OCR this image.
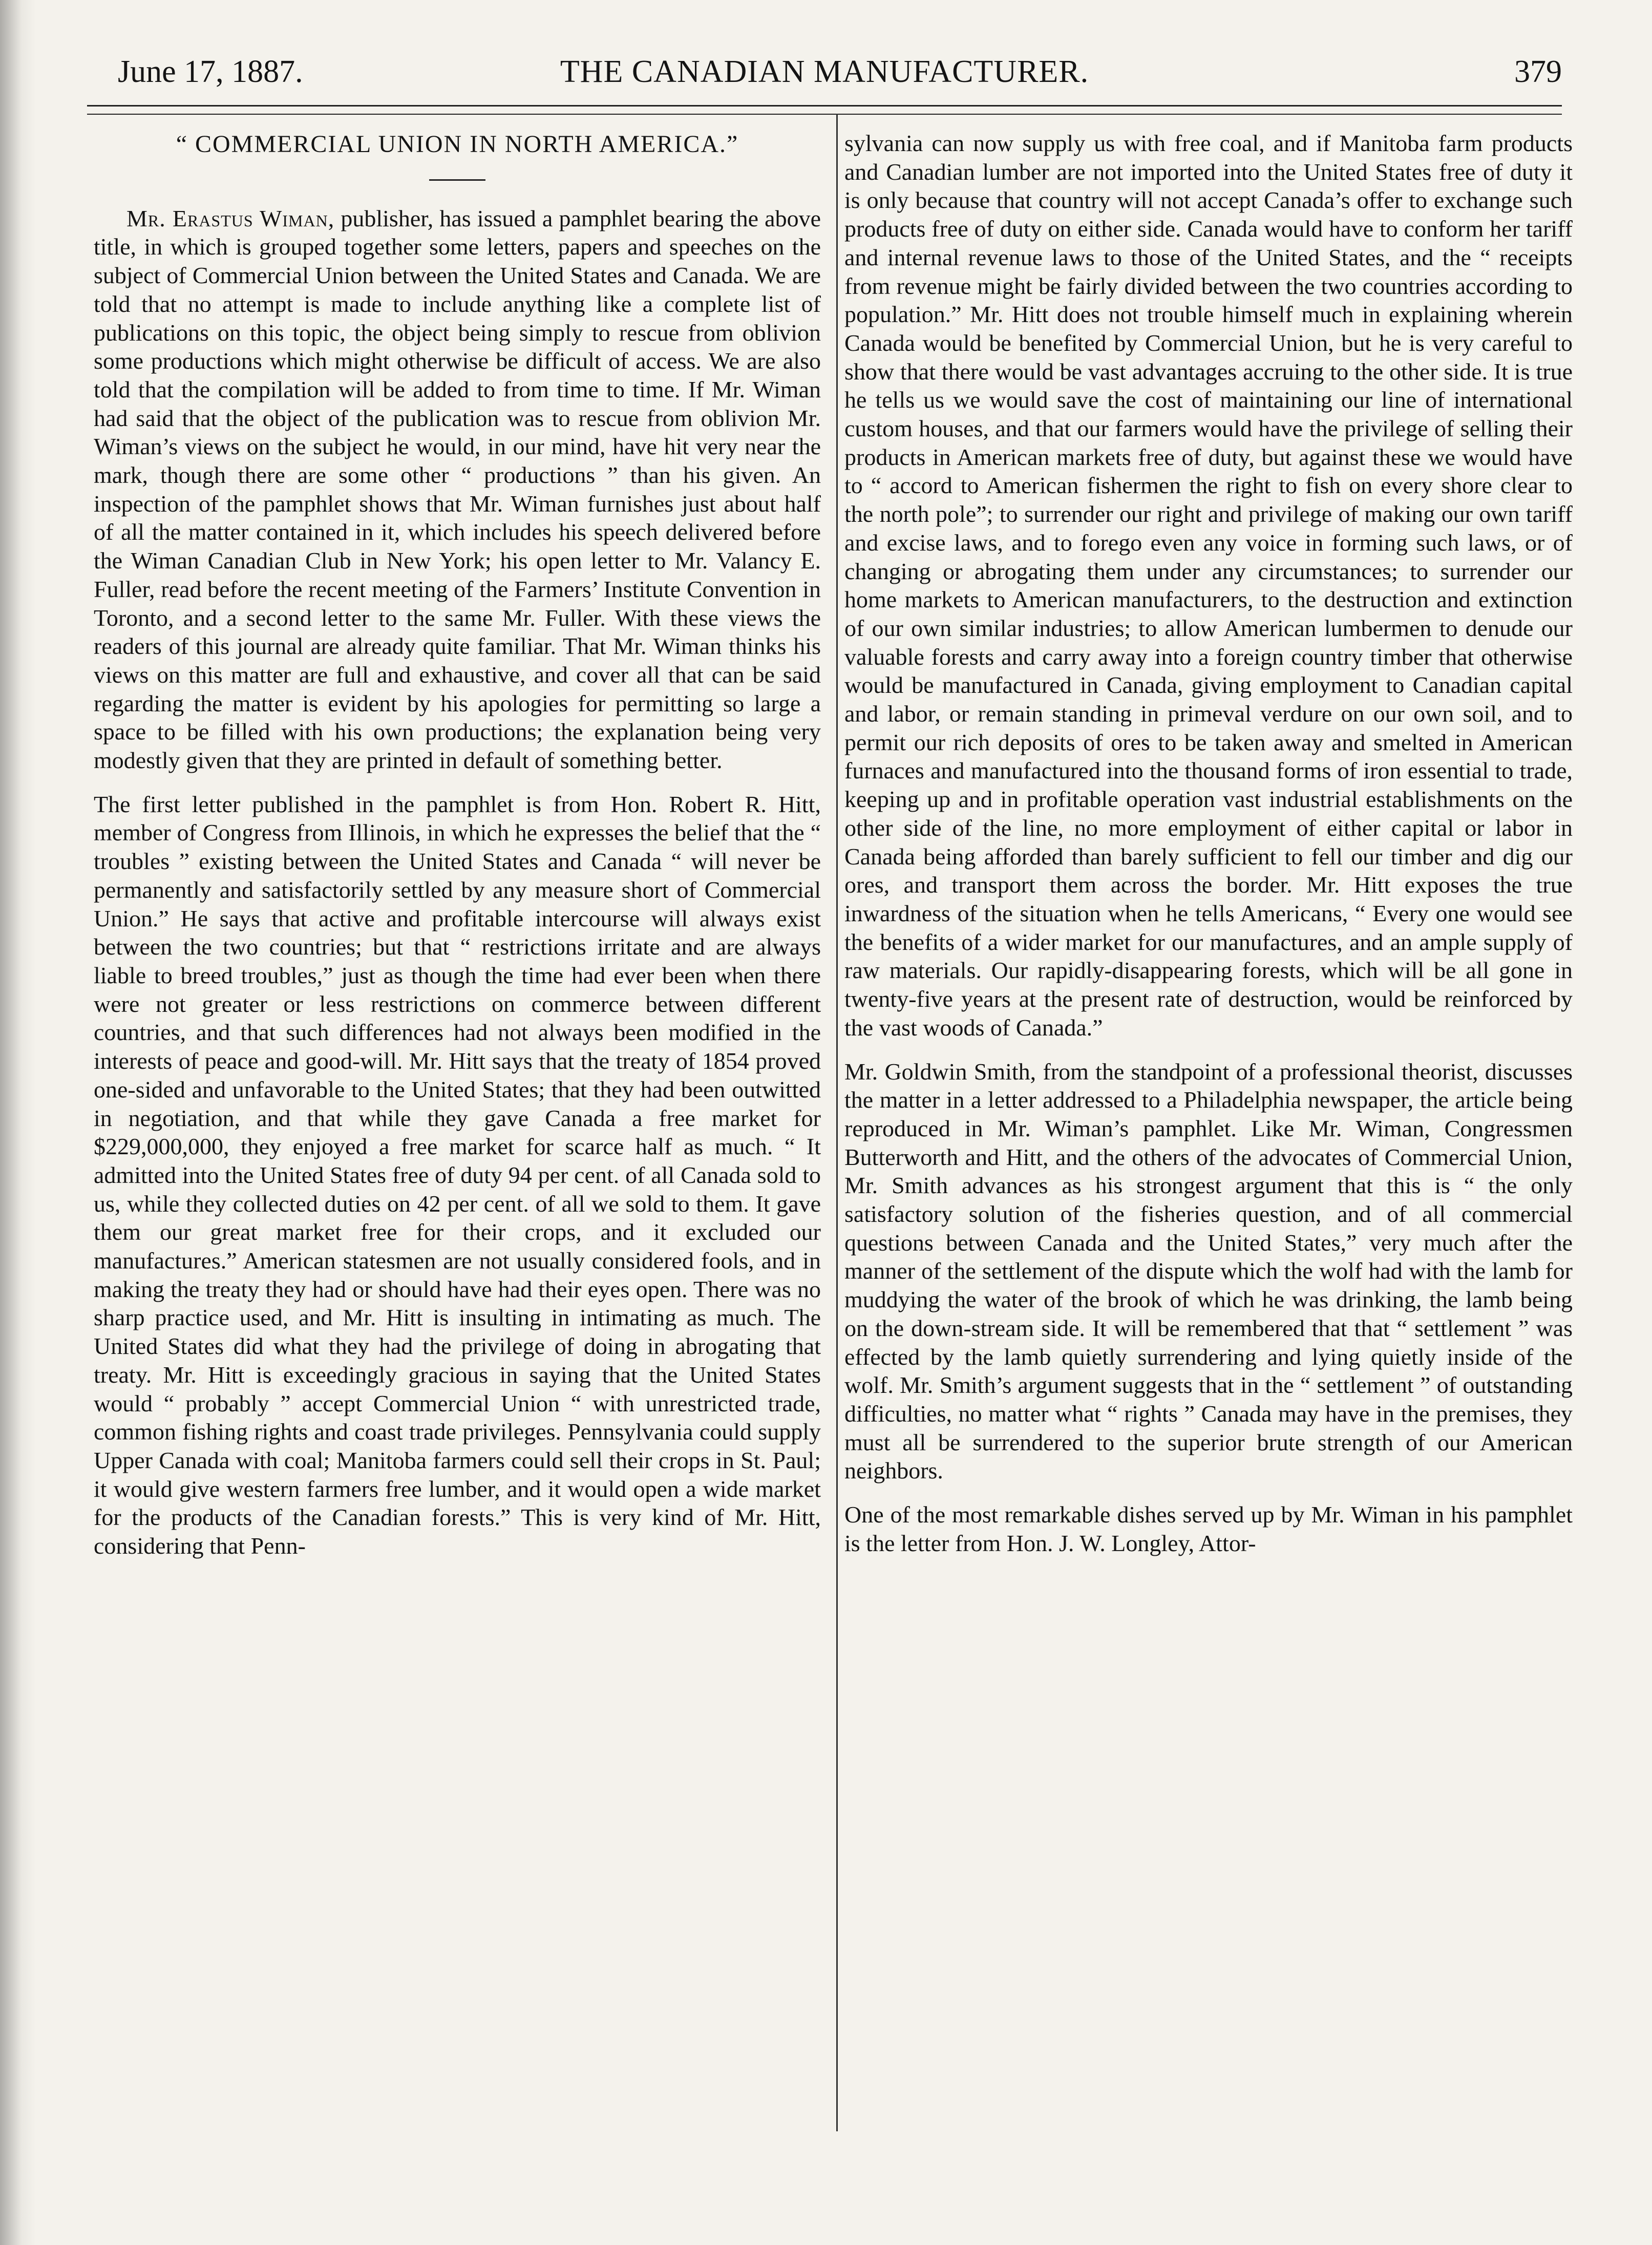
June 17, 1887.	THE CANADIAN MANUFACTURER.	379
“ COMMERCIAL UNION IN NORTH AMERICA.”

Mr. Erastus Wiman, publisher, has issued a pamphlet bearing the above title, in which is grouped together some letters, papers and speeches on the subject of Commercial Union between the United States and Canada. We are told that no attempt is made to include anything like a complete list of publications on this topic, the object being simply to rescue from oblivion some productions which might otherwise be difficult of access. We are also told that the compilation will be added to from time to time. If Mr. Wiman had said that the object of the publication was to rescue from oblivion Mr. Wiman’s views on the subject he would, in our mind, have hit very near the mark, though there are some other “ productions ” than his given. An inspection of the pamphlet shows that Mr. Wiman furnishes just about half of all the matter contained in it, which includes his speech delivered before the Wiman Canadian Club in New York; his open letter to Mr. Valancy E. Fuller, read before the recent meeting of the Farmers’ Institute Convention in Toronto, and a second letter to the same Mr. Fuller. With these views the readers of this journal are already quite familiar. That Mr. Wiman thinks his views on this matter are full and exhaustive, and cover all that can be said regarding the matter is evident by his apologies for permitting so large a space to be filled with his own productions; the explanation being very modestly given that they are printed in default of something better.

The first letter published in the pamphlet is from Hon. Robert R. Hitt, member of Congress from Illinois, in which he expresses the belief that the “ troubles ” existing between the United States and Canada “ will never be permanently and satisfactorily settled by any measure short of Commercial Union.” He says that active and profitable intercourse will always exist between the two countries; but that “ restrictions irritate and are always liable to breed troubles,” just as though the time had ever been when there were not greater or less restrictions on commerce between different countries, and that such differences had not always been modified in the interests of peace and good-will. Mr. Hitt says that the treaty of 1854 proved one-sided and unfavorable to the United States; that they had been outwitted in negotiation, and that while they gave Canada a free market for $229,000,000, they enjoyed a free market for scarce half as much. “ It admitted into the United States free of duty 94 per cent. of all Canada sold to us, while they collected duties on 42 per cent. of all we sold to them. It gave them our great market free for their crops, and it excluded our manufactures.” American statesmen are not usually considered fools, and in making the treaty they had or should have had their eyes open. There was no sharp practice used, and Mr. Hitt is insulting in intimating as much. The United States did what they had the privilege of doing in abrogating that treaty. Mr. Hitt is exceedingly gracious in saying that the United States would “ probably ” accept Commercial Union “ with unrestricted trade, common fishing rights and coast trade privileges. Pennsylvania could supply Upper Canada with coal; Manitoba farmers could sell their crops in St. Paul; it would give western farmers free lumber, and it would open a wide market for the products of the Canadian forests.” This is very kind of Mr. Hitt, considering that Penn-

sylvania can now supply us with free coal, and if Manitoba farm products and Canadian lumber are not imported into the United States free of duty it is only because that country will not accept Canada’s offer to exchange such products free of duty on either side. Canada would have to conform her tariff and internal revenue laws to those of the United States, and the “ receipts from revenue might be fairly divided between the two countries according to population.” Mr. Hitt does not trouble himself much in explaining wherein Canada would be benefited by Commercial Union, but he is very careful to show that there would be vast advantages accruing to the other side. It is true he tells us we would save the cost of maintaining our line of international custom houses, and that our farmers would have the privilege of selling their products in American markets free of duty, but against these we would have to “ accord to American fishermen the right to fish on every shore clear to the north pole”; to surrender our right and privilege of making our own tariff and excise laws, and to forego even any voice in forming such laws, or of changing or abrogating them under any circumstances; to surrender our home markets to American manufacturers, to the destruction and extinction of our own similar industries; to allow American lumbermen to denude our valuable forests and carry away into a foreign country timber that otherwise would be manufactured in Canada, giving employment to Canadian capital and labor, or remain standing in primeval verdure on our own soil, and to permit our rich deposits of ores to be taken away and smelted in American furnaces and manufactured into the thousand forms of iron essential to trade, keeping up and in profitable operation vast industrial establishments on the other side of the line, no more employment of either capital or labor in Canada being afforded than barely sufficient to fell our timber and dig our ores, and transport them across the border. Mr. Hitt exposes the true inwardness of the situation when he tells Americans, “ Every one would see the benefits of a wider market for our manufactures, and an ample supply of raw materials. Our rapidly-disappearing forests, which will be all gone in twenty-five years at the present rate of destruction, would be reinforced by the vast woods of Canada.”

Mr. Goldwin Smith, from the standpoint of a professional theorist, discusses the matter in a letter addressed to a Philadelphia newspaper, the article being reproduced in Mr. Wiman’s pamphlet. Like Mr. Wiman, Congressmen Butterworth and Hitt, and the others of the advocates of Commercial Union, Mr. Smith advances as his strongest argument that this is “ the only satisfactory solution of the fisheries question, and of all commercial questions between Canada and the United States,” very much after the manner of the settlement of the dispute which the wolf had with the lamb for muddying the water of the brook of which he was drinking, the lamb being on the down-stream side. It will be remembered that that “ settlement ” was effected by the lamb quietly surrendering and lying quietly inside of the wolf. Mr. Smith’s argument suggests that in the “ settlement ” of outstanding difficulties, no matter what “ rights ” Canada may have in the premises, they must all be surrendered to the superior brute strength of our American neighbors.

One of the most remarkable dishes served up by Mr. Wiman in his pamphlet is the letter from Hon. J. W. Longley, Attor-
